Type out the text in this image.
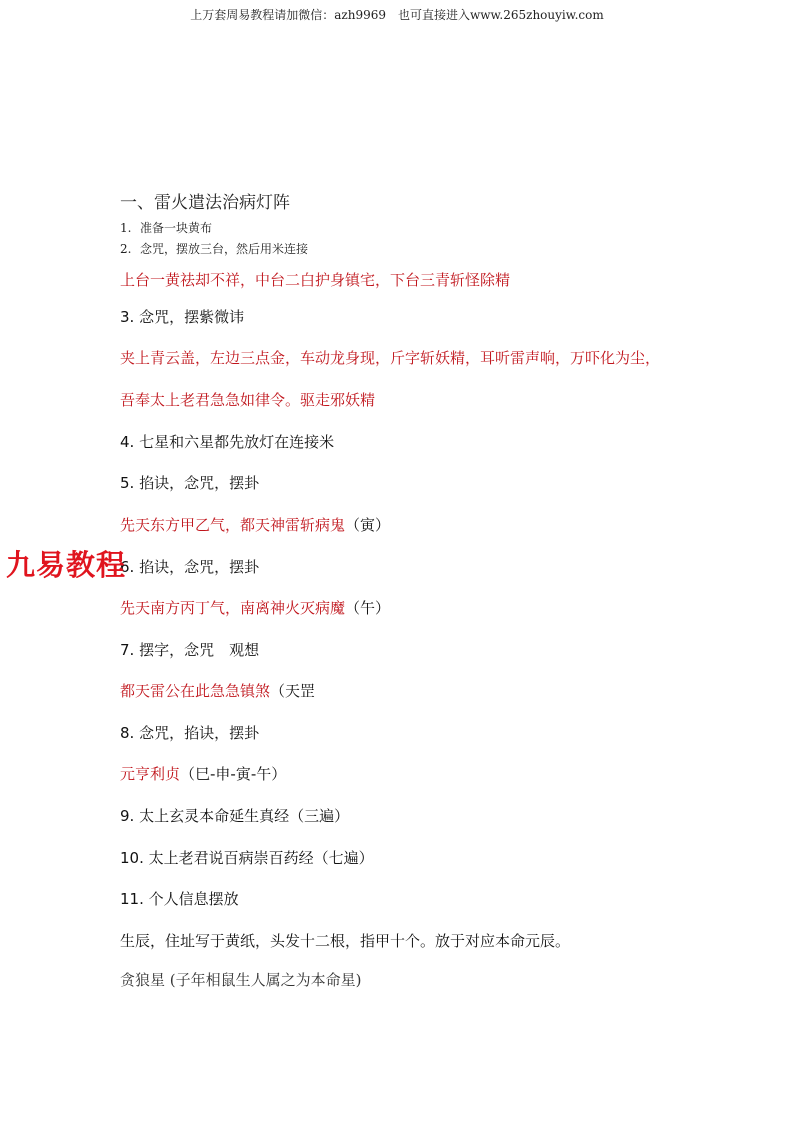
上万套周易教程请加微信：azh9969　也可直接进入www.265zhouyiw.com
一、雷火遣法治病灯阵
1. 准备一块黄布
2. 念咒，摆放三台，然后用米连接
上台一黄祛却不祥，中台二白护身镇宅，下台三青斩怪除精
3. 念咒，摆紫微讳
夹上青云盖，左边三点金，车动龙身现，斤字斩妖精，耳听雷声响，万吓化为尘，
吾奉太上老君急急如律令。驱走邪妖精
4. 七星和六星都先放灯在连接米
5. 掐诀，念咒，摆卦
先天东方甲乙气，都天神雷斩病鬼（寅）
6. 掐诀，念咒，摆卦
先天南方丙丁气，南离神火灭病魔（午）
7. 摆字，念咒　观想
都天雷公在此急急镇煞（天罡
8. 念咒，掐诀，摆卦
元亨利贞（巳-申-寅-午）
9. 太上玄灵本命延生真经（三遍）
10. 太上老君说百病崇百药经（七遍）
11. 个人信息摆放
生辰，住址写于黄纸，头发十二根，指甲十个。放于对应本命元辰。
贪狼星 (子年相鼠生人属之为本命星)
九易教程
